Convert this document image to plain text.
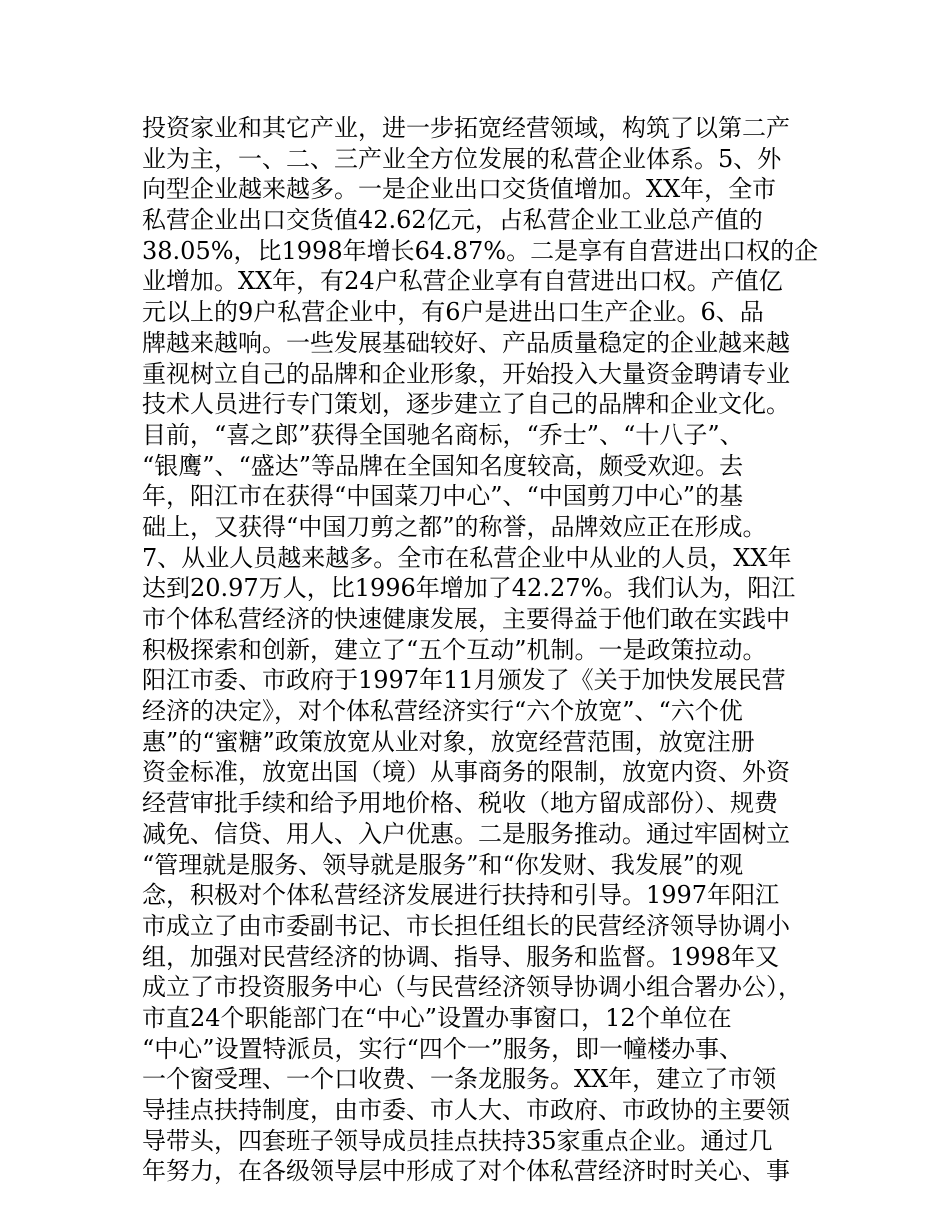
投资家业和其它产业，进一步拓宽经营领域，构筑了以第二产
业为主，一、二、三产业全方位发展的私营企业体系。5、外
向型企业越来越多。一是企业出口交货值增加。XX年，全市
私营企业出口交货值42.62亿元，占私营企业工业总产值的
38.05%，比1998年增长64.87%。二是享有自营进出口权的企
业增加。XX年，有24户私营企业享有自营进出口权。产值亿
元以上的9户私营企业中，有6户是进出口生产企业。6、品
牌越来越响。一些发展基础较好、产品质量稳定的企业越来越
重视树立自己的品牌和企业形象，开始投入大量资金聘请专业
技术人员进行专门策划，逐步建立了自己的品牌和企业文化。
目前，“喜之郎”获得全国驰名商标，“乔士”、“十八子”、
“银鹰”、“盛达”等品牌在全国知名度较高，颇受欢迎。去
年，阳江市在获得“中国菜刀中心”、“中国剪刀中心”的基
础上，又获得“中国刀剪之都”的称誉，品牌效应正在形成。
7、从业人员越来越多。全市在私营企业中从业的人员，XX年
达到20.97万人，比1996年增加了42.27%。我们认为，阳江
市个体私营经济的快速健康发展，主要得益于他们敢在实践中
积极探索和创新，建立了“五个互动”机制。一是政策拉动。
阳江市委、市政府于1997年11月颁发了《关于加快发展民营
经济的决定》，对个体私营经济实行“六个放宽”、“六个优
惠”的“蜜糖”政策放宽从业对象，放宽经营范围，放宽注册
资金标准，放宽出国（境）从事商务的限制，放宽内资、外资
经营审批手续和给予用地价格、税收（地方留成部份）、规费
减免、信贷、用人、入户优惠。二是服务推动。通过牢固树立
“管理就是服务、领导就是服务”和“你发财、我发展”的观
念，积极对个体私营经济发展进行扶持和引导。1997年阳江
市成立了由市委副书记、市长担任组长的民营经济领导协调小
组，加强对民营经济的协调、指导、服务和监督。1998年又
成立了市投资服务中心（与民营经济领导协调小组合署办公），
市直24个职能部门在“中心”设置办事窗口，12个单位在
“中心”设置特派员，实行“四个一”服务，即一幢楼办事、
一个窗受理、一个口收费、一条龙服务。XX年，建立了市领
导挂点扶持制度，由市委、市人大、市政府、市政协的主要领
导带头，四套班子领导成员挂点扶持35家重点企业。通过几
年努力，在各级领导层中形成了对个体私营经济时时关心、事
